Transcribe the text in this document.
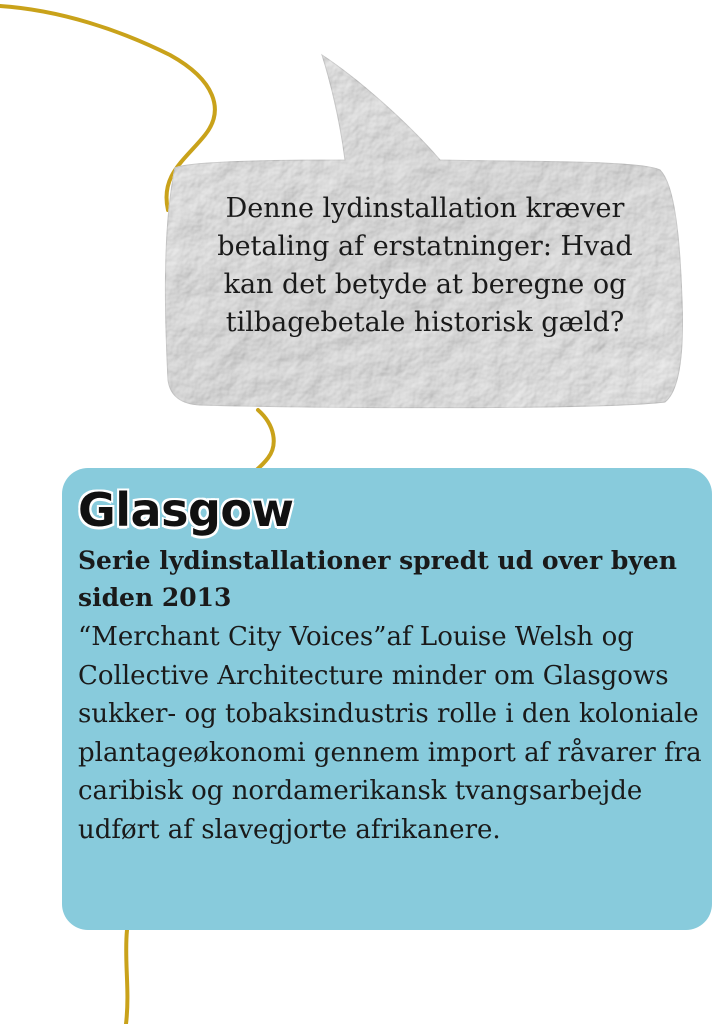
Denne lydinstallation kræver betaling af erstatninger: Hvad kan det betyde at beregne og tilbagebetale historisk gæld?
Glasgow
Serie lydinstallationer spredt ud over byen siden 2013

“Merchant City Voices”af Louise Welsh og Collective Architecture minder om Glasgows sukker- og tobaksindustris rolle i den koloniale plantageøkonomi gennem import af råvarer fra caribisk og nordamerikansk tvangsarbejde udført af slavegjorte afrikanere.
